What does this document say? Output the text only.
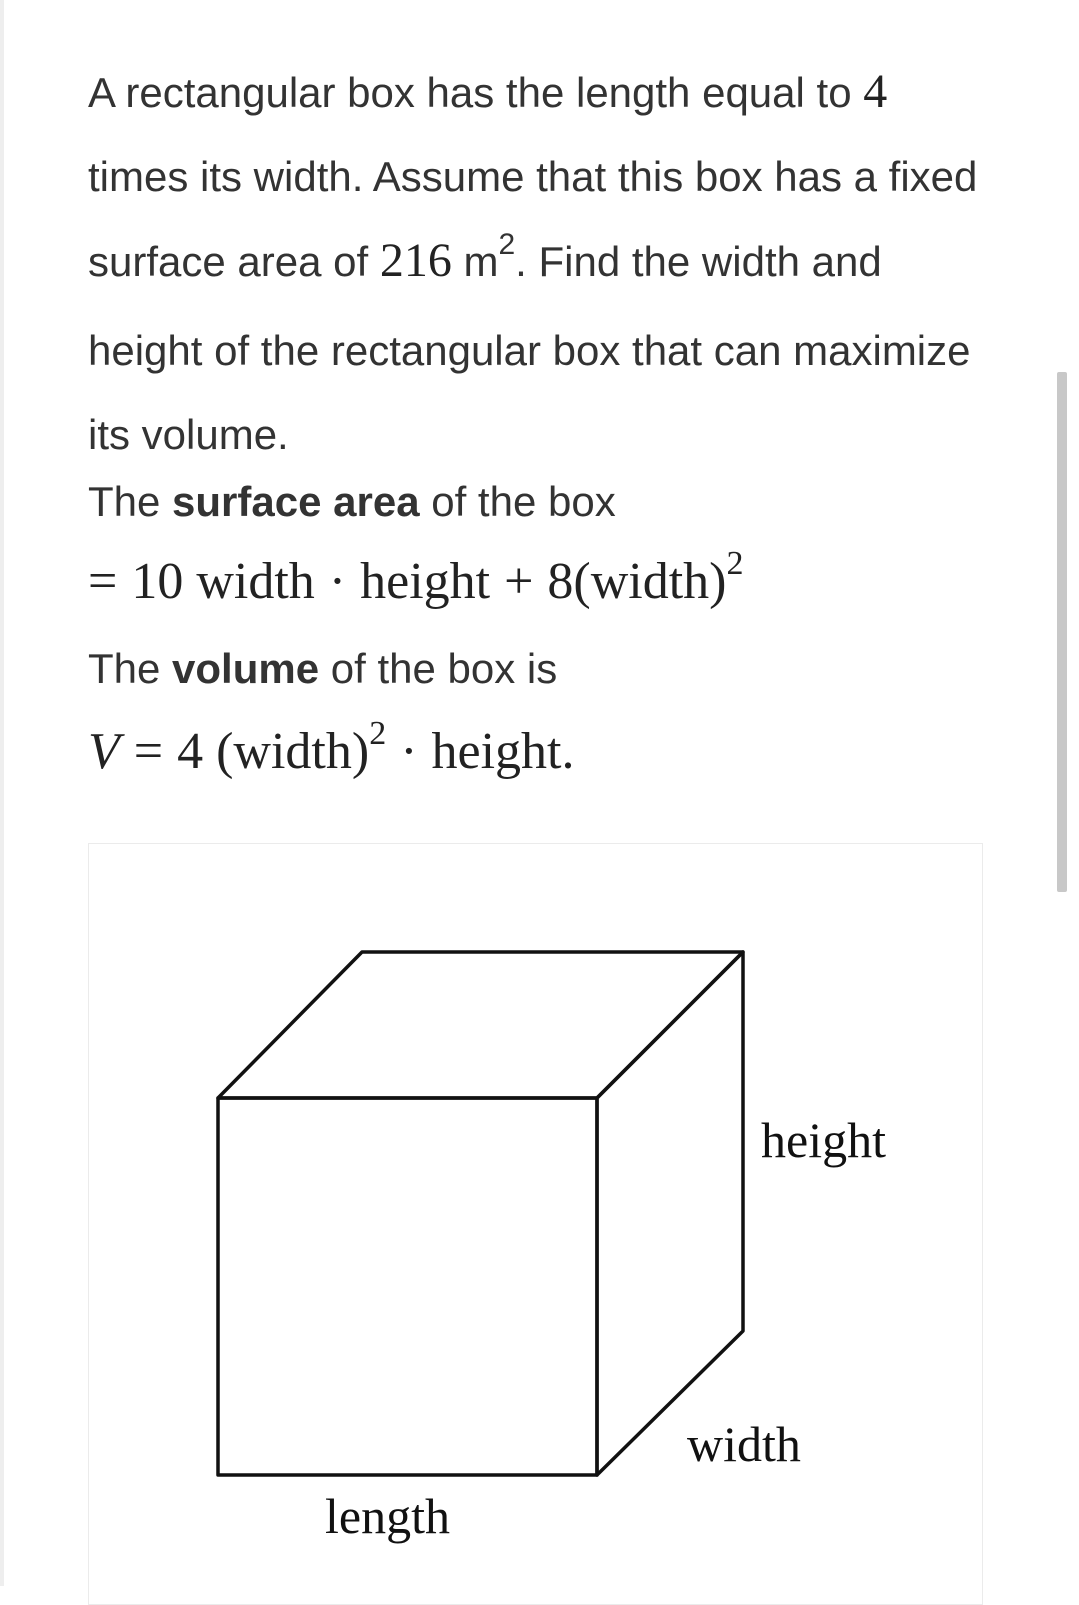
A rectangular box has the length equal to 4 times its width. Assume that this box has a fixed surface area of 216 $m^2$. Find the width and height of the rectangular box that can maximize its volume.

The surface area of the box

= 10 width · height + 8(width)$^2$

The volume of the box is

V = 4 (width)$^2$ · height.

height
width
length
